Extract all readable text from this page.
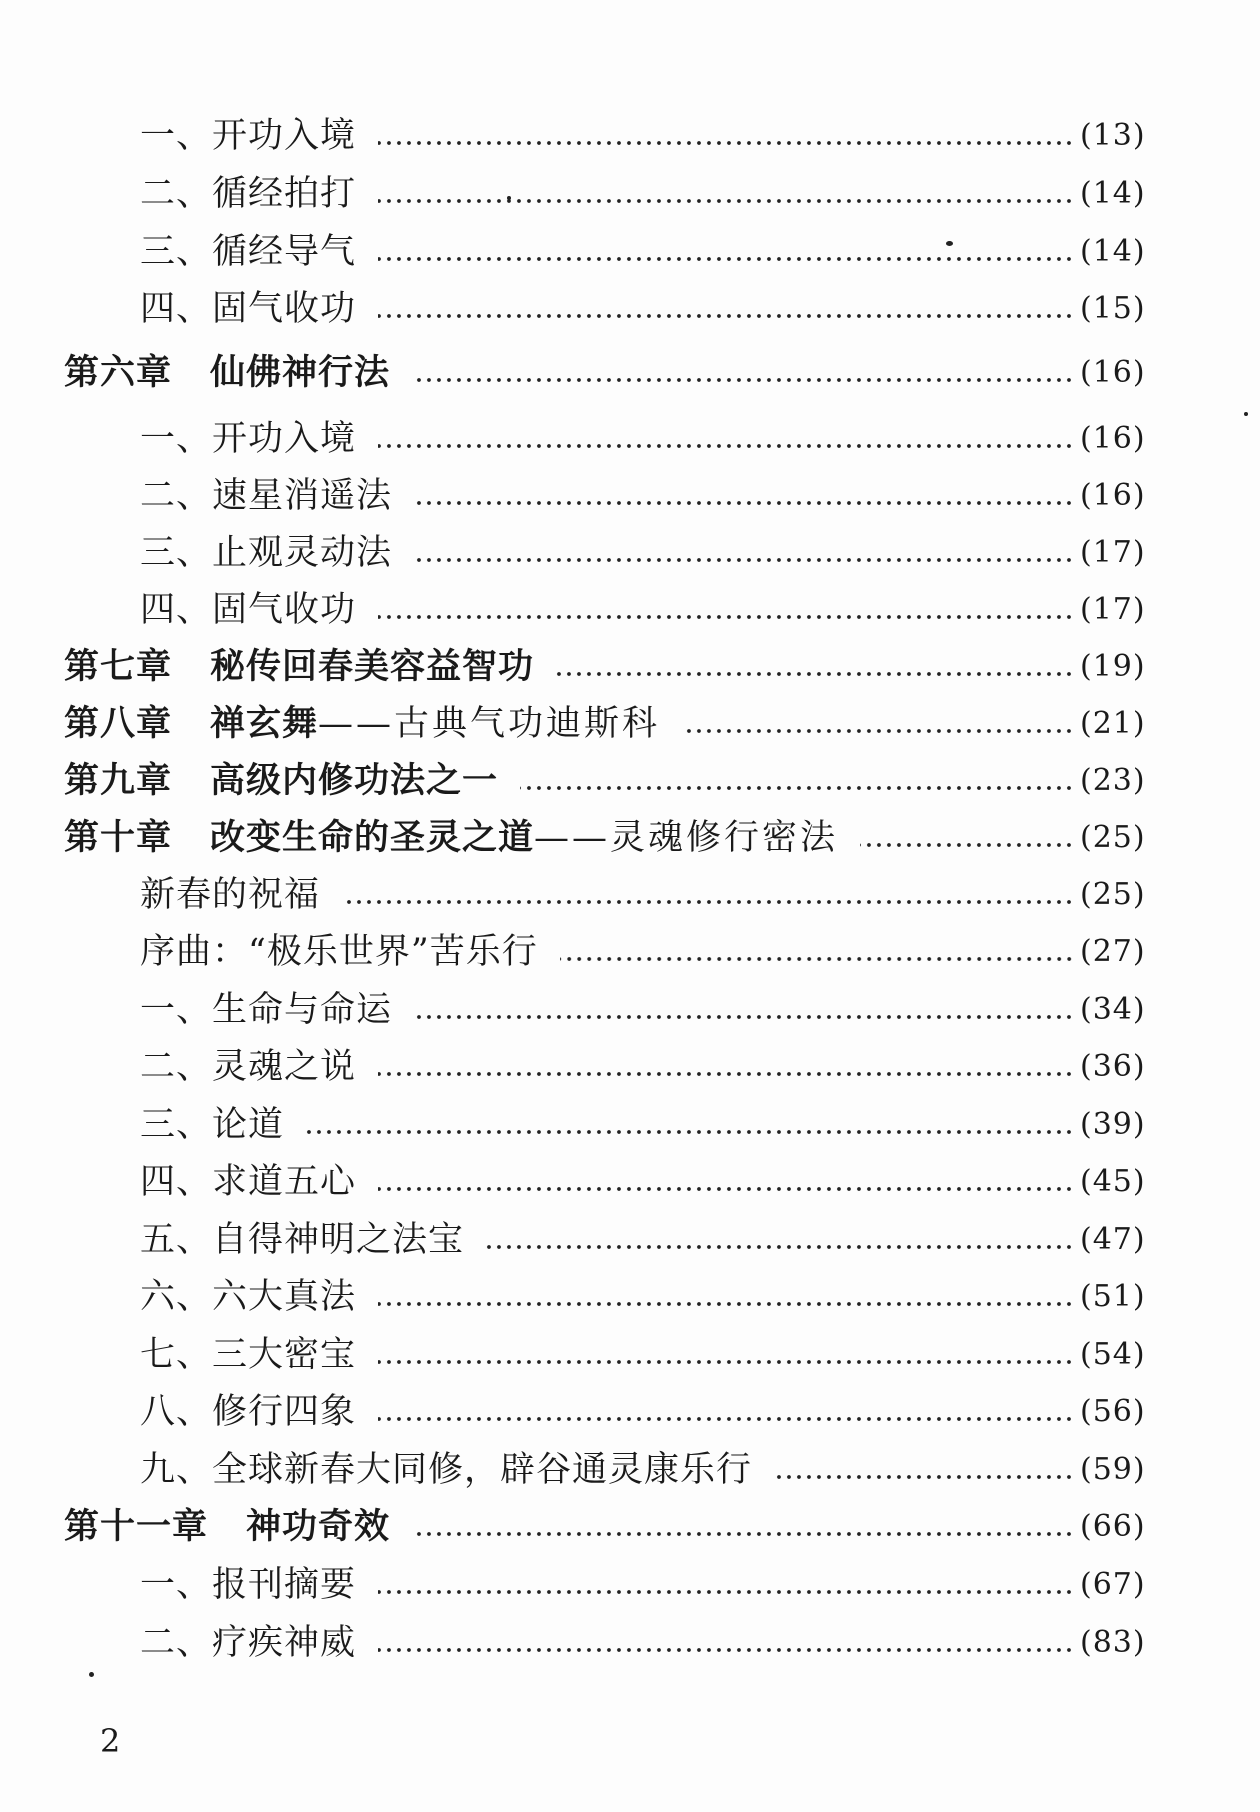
一、开功入境	(13)
二、循经拍打	(14)
三、循经导气	(14)
四、固气收功	(15)
第六章 仙佛神行法	(16)
一、开功入境	(16)
二、速星消遥法	(16)
三、止观灵动法	(17)
四、固气收功	(17)
第七章 秘传回春美容益智功	(19)
第八章 禅玄舞——古典气功迪斯科	(21)
第九章 高级内修功法之一	(23)
第十章 改变生命的圣灵之道——灵魂修行密法	(25)
新春的祝福	(25)
序曲：“极乐世界”苦乐行	(27)
一、生命与命运	(34)
二、灵魂之说	(36)
三、论道	(39)
四、求道五心	(45)
五、自得神明之法宝	(47)
六、六大真法	(51)
七、三大密宝	(54)
八、修行四象	(56)
九、全球新春大同修，辟谷通灵康乐行	(59)
第十一章 神功奇效	(66)
一、报刊摘要	(67)
二、疗疾神威	(83)
2
